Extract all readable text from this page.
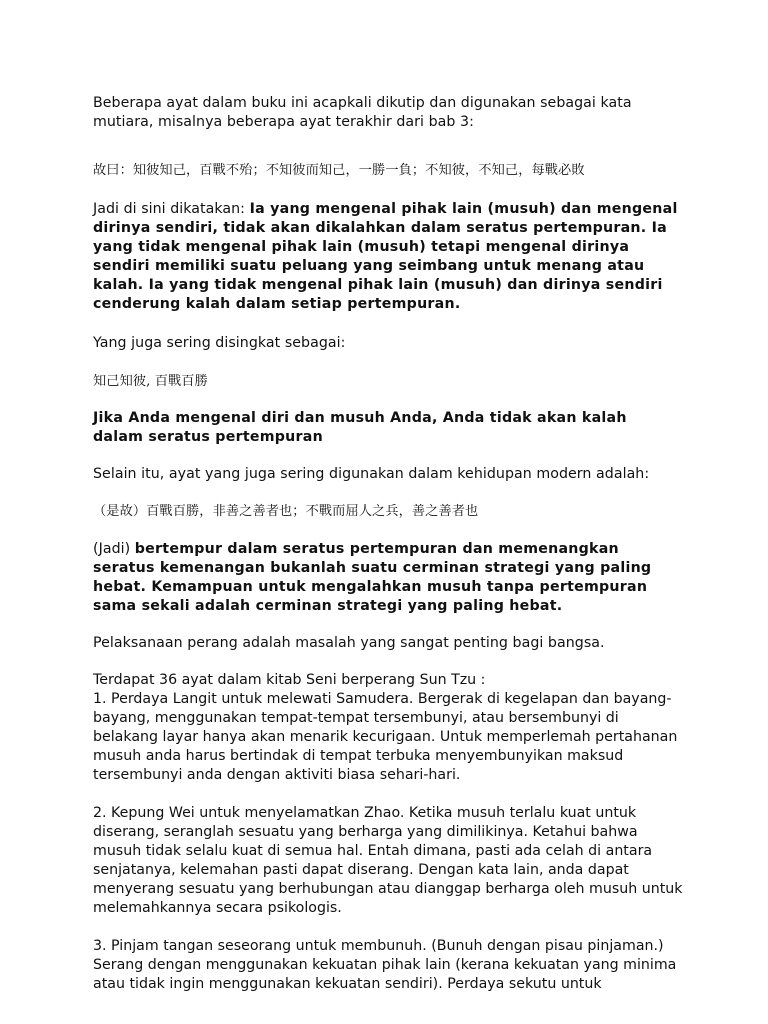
Beberapa ayat dalam buku ini acapkali dikutip dan digunakan sebagai kata mutiara, misalnya beberapa ayat terakhir dari bab 3:

故曰：知彼知己，百戰不殆；不知彼而知己，一勝一負；不知彼，不知己，每戰必敗

Jadi di sini dikatakan: Ia yang mengenal pihak lain (musuh) dan mengenal dirinya sendiri, tidak akan dikalahkan dalam seratus pertempuran. Ia yang tidak mengenal pihak lain (musuh) tetapi mengenal dirinya sendiri memiliki suatu peluang yang seimbang untuk menang atau kalah. Ia yang tidak mengenal pihak lain (musuh) dan dirinya sendiri cenderung kalah dalam setiap pertempuran.

Yang juga sering disingkat sebagai:

知己知彼, 百戰百勝

Jika Anda mengenal diri dan musuh Anda, Anda tidak akan kalah dalam seratus pertempuran

Selain itu, ayat yang juga sering digunakan dalam kehidupan modern adalah:

（是故）百戰百勝，非善之善者也；不戰而屈人之兵，善之善者也

(Jadi) bertempur dalam seratus pertempuran dan memenangkan seratus kemenangan bukanlah suatu cerminan strategi yang paling hebat. Kemampuan untuk mengalahkan musuh tanpa pertempuran sama sekali adalah cerminan strategi yang paling hebat.

Pelaksanaan perang adalah masalah yang sangat penting bagi bangsa.

Terdapat 36 ayat dalam kitab Seni berperang Sun Tzu :

1. Perdaya Langit untuk melewati Samudera. Bergerak di kegelapan dan bayang-bayang, menggunakan tempat-tempat tersembunyi, atau bersembunyi di belakang layar hanya akan menarik kecurigaan. Untuk memperlemah pertahanan musuh anda harus bertindak di tempat terbuka menyembunyikan maksud tersembunyi anda dengan aktiviti biasa sehari-hari.

2. Kepung Wei untuk menyelamatkan Zhao. Ketika musuh terlalu kuat untuk diserang, seranglah sesuatu yang berharga yang dimilikinya. Ketahui bahwa musuh tidak selalu kuat di semua hal. Entah dimana, pasti ada celah di antara senjatanya, kelemahan pasti dapat diserang. Dengan kata lain, anda dapat menyerang sesuatu yang berhubungan atau dianggap berharga oleh musuh untuk melemahkannya secara psikologis.

3. Pinjam tangan seseorang untuk membunuh. (Bunuh dengan pisau pinjaman.) Serang dengan menggunakan kekuatan pihak lain (kerana kekuatan yang minima atau tidak ingin menggunakan kekuatan sendiri). Perdaya sekutu untuk
